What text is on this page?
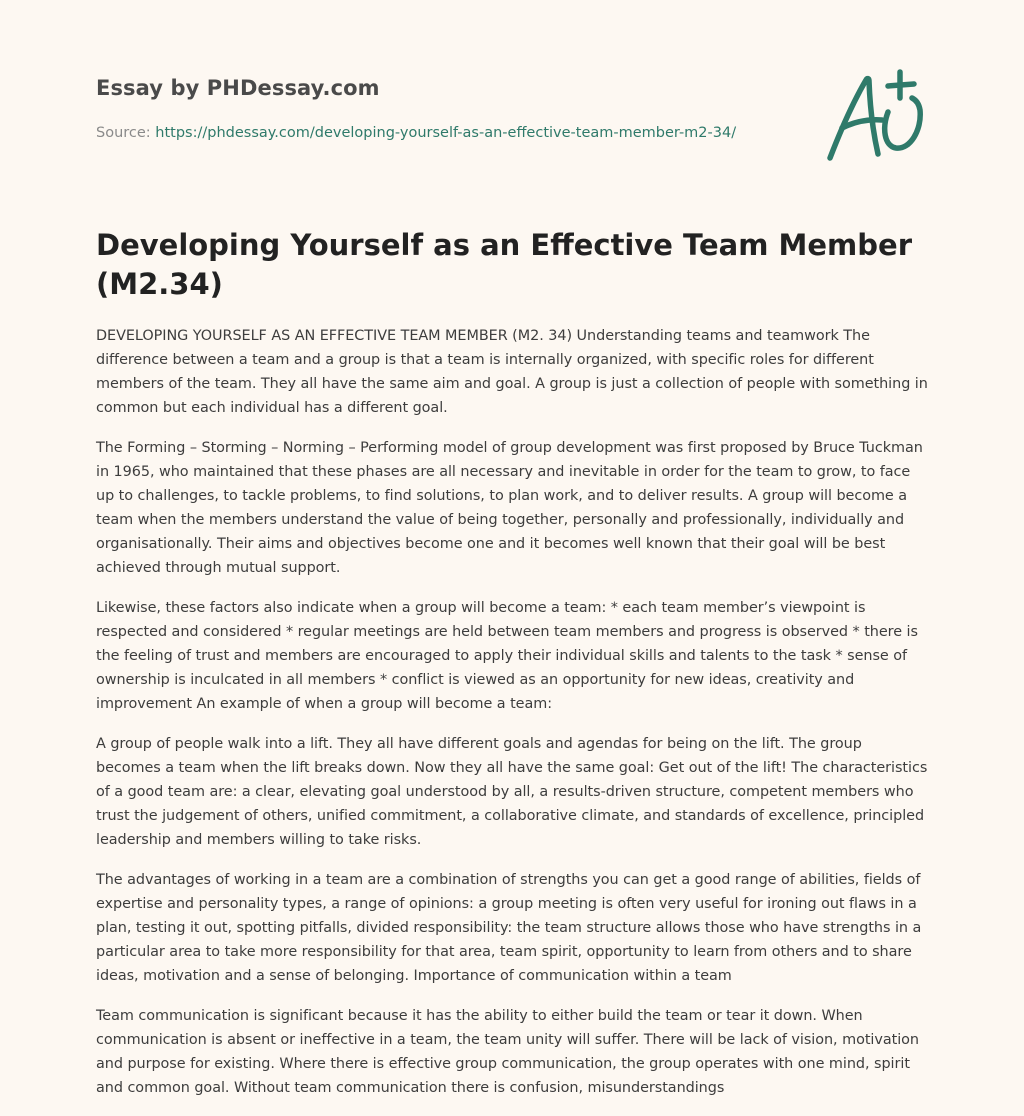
Essay by PHDessay.com
Source: https://phdessay.com/developing-yourself-as-an-effective-team-member-m2-34/
Developing Yourself as an Effective Team Member (M2.34)

DEVELOPING YOURSELF AS AN EFFECTIVE TEAM MEMBER (M2. 34) Understanding teams and teamwork The difference between a team and a group is that a team is internally organized, with specific roles for different members of the team. They all have the same aim and goal. A group is just a collection of people with something in common but each individual has a different goal.

The Forming – Storming – Norming – Performing model of group development was first proposed by Bruce Tuckman in 1965, who maintained that these phases are all necessary and inevitable in order for the team to grow, to face up to challenges, to tackle problems, to find solutions, to plan work, and to deliver results. A group will become a team when the members understand the value of being together, personally and professionally, individually and organisationally. Their aims and objectives become one and it becomes well known that their goal will be best achieved through mutual support.

Likewise, these factors also indicate when a group will become a team: * each team member’s viewpoint is respected and considered * regular meetings are held between team members and progress is observed * there is the feeling of trust and members are encouraged to apply their individual skills and talents to the task * sense of ownership is inculcated in all members * conflict is viewed as an opportunity for new ideas, creativity and improvement An example of when a group will become a team:

A group of people walk into a lift. They all have different goals and agendas for being on the lift. The group becomes a team when the lift breaks down. Now they all have the same goal: Get out of the lift! The characteristics of a good team are: a clear, elevating goal understood by all, a results-driven structure, competent members who trust the judgement of others, unified commitment, a collaborative climate, and standards of excellence, principled leadership and members willing to take risks.

The advantages of working in a team are a combination of strengths you can get a good range of abilities, fields of expertise and personality types, a range of opinions: a group meeting is often very useful for ironing out flaws in a plan, testing it out, spotting pitfalls, divided responsibility: the team structure allows those who have strengths in a particular area to take more responsibility for that area, team spirit, opportunity to learn from others and to share ideas, motivation and a sense of belonging. Importance of communication within a team

Team communication is significant because it has the ability to either build the team or tear it down. When communication is absent or ineffective in a team, the team unity will suffer. There will be lack of vision, motivation and purpose for existing. Where there is effective group communication, the group operates with one mind, spirit and common goal. Without team communication there is confusion, misunderstandings
